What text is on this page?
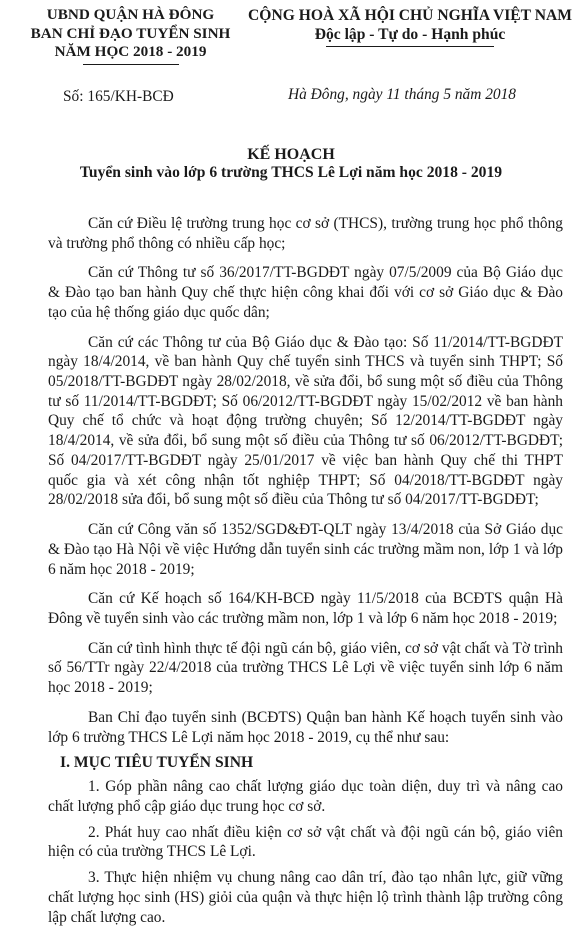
UBND QUẬN HÀ ĐÔNG
BAN CHỈ ĐẠO TUYỂN SINH
NĂM HỌC 2018 - 2019
CỘNG HOÀ XÃ HỘI CHỦ NGHĨA VIỆT NAM
Độc lập - Tự do - Hạnh phúc
Số: 165/KH-BCĐ	Hà Đông, ngày 11 tháng 5 năm 2018
KẾ HOẠCH
Tuyển sinh vào lớp 6 trường THCS Lê Lợi năm học 2018 - 2019

Căn cứ Điều lệ trường trung học cơ sở (THCS), trường trung học phổ thông và trường phổ thông có nhiều cấp học;

Căn cứ Thông tư số 36/2017/TT-BGDĐT ngày 07/5/2009 của Bộ Giáo dục & Đào tạo ban hành Quy chế thực hiện công khai đối với cơ sở Giáo dục & Đào tạo của hệ thống giáo dục quốc dân;

Căn cứ các Thông tư của Bộ Giáo dục & Đào tạo: Số 11/2014/TT-BGDĐT ngày 18/4/2014, về ban hành Quy chế tuyển sinh THCS và tuyển sinh THPT; Số 05/2018/TT-BGDĐT ngày 28/02/2018, về sửa đổi, bổ sung một số điều của Thông tư số 11/2014/TT-BGDĐT; Số 06/2012/TT-BGDĐT ngày 15/02/2012 về ban hành Quy chế tổ chức và hoạt động trường chuyên; Số 12/2014/TT-BGDĐT ngày 18/4/2014, về sửa đổi, bổ sung một số điều của Thông tư số 06/2012/TT-BGDĐT; Số 04/2017/TT-BGDĐT ngày 25/01/2017 về việc ban hành Quy chế thi THPT quốc gia và xét công nhận tốt nghiệp THPT; Số 04/2018/TT-BGDĐT ngày 28/02/2018 sửa đổi, bổ sung một số điều của Thông tư số 04/2017/TT-BGDĐT;

Căn cứ Công văn số 1352/SGD&ĐT-QLT ngày 13/4/2018 của Sở Giáo dục & Đào tạo Hà Nội về việc Hướng dẫn tuyển sinh các trường mầm non, lớp 1 và lớp 6 năm học 2018 - 2019;

Căn cứ Kế hoạch số 164/KH-BCĐ ngày 11/5/2018 của BCĐTS quận Hà Đông về tuyển sinh vào các trường mầm non, lớp 1 và lớp 6 năm học 2018 - 2019;

Căn cứ tình hình thực tế đội ngũ cán bộ, giáo viên, cơ sở vật chất và Tờ trình số 56/TTr ngày 22/4/2018 của trường THCS Lê Lợi về việc tuyển sinh lớp 6 năm học 2018 - 2019;

Ban Chỉ đạo tuyển sinh (BCĐTS) Quận ban hành Kế hoạch tuyển sinh vào lớp 6 trường THCS Lê Lợi năm học 2018 - 2019, cụ thể như sau:

I. MỤC TIÊU TUYỂN SINH

1. Góp phần nâng cao chất lượng giáo dục toàn diện, duy trì và nâng cao chất lượng phổ cập giáo dục trung học cơ sở.

2. Phát huy cao nhất điều kiện cơ sở vật chất và đội ngũ cán bộ, giáo viên hiện có của trường THCS Lê Lợi.

3. Thực hiện nhiệm vụ chung nâng cao dân trí, đào tạo nhân lực, giữ vững chất lượng học sinh (HS) giỏi của quận và thực hiện lộ trình thành lập trường công lập chất lượng cao.
